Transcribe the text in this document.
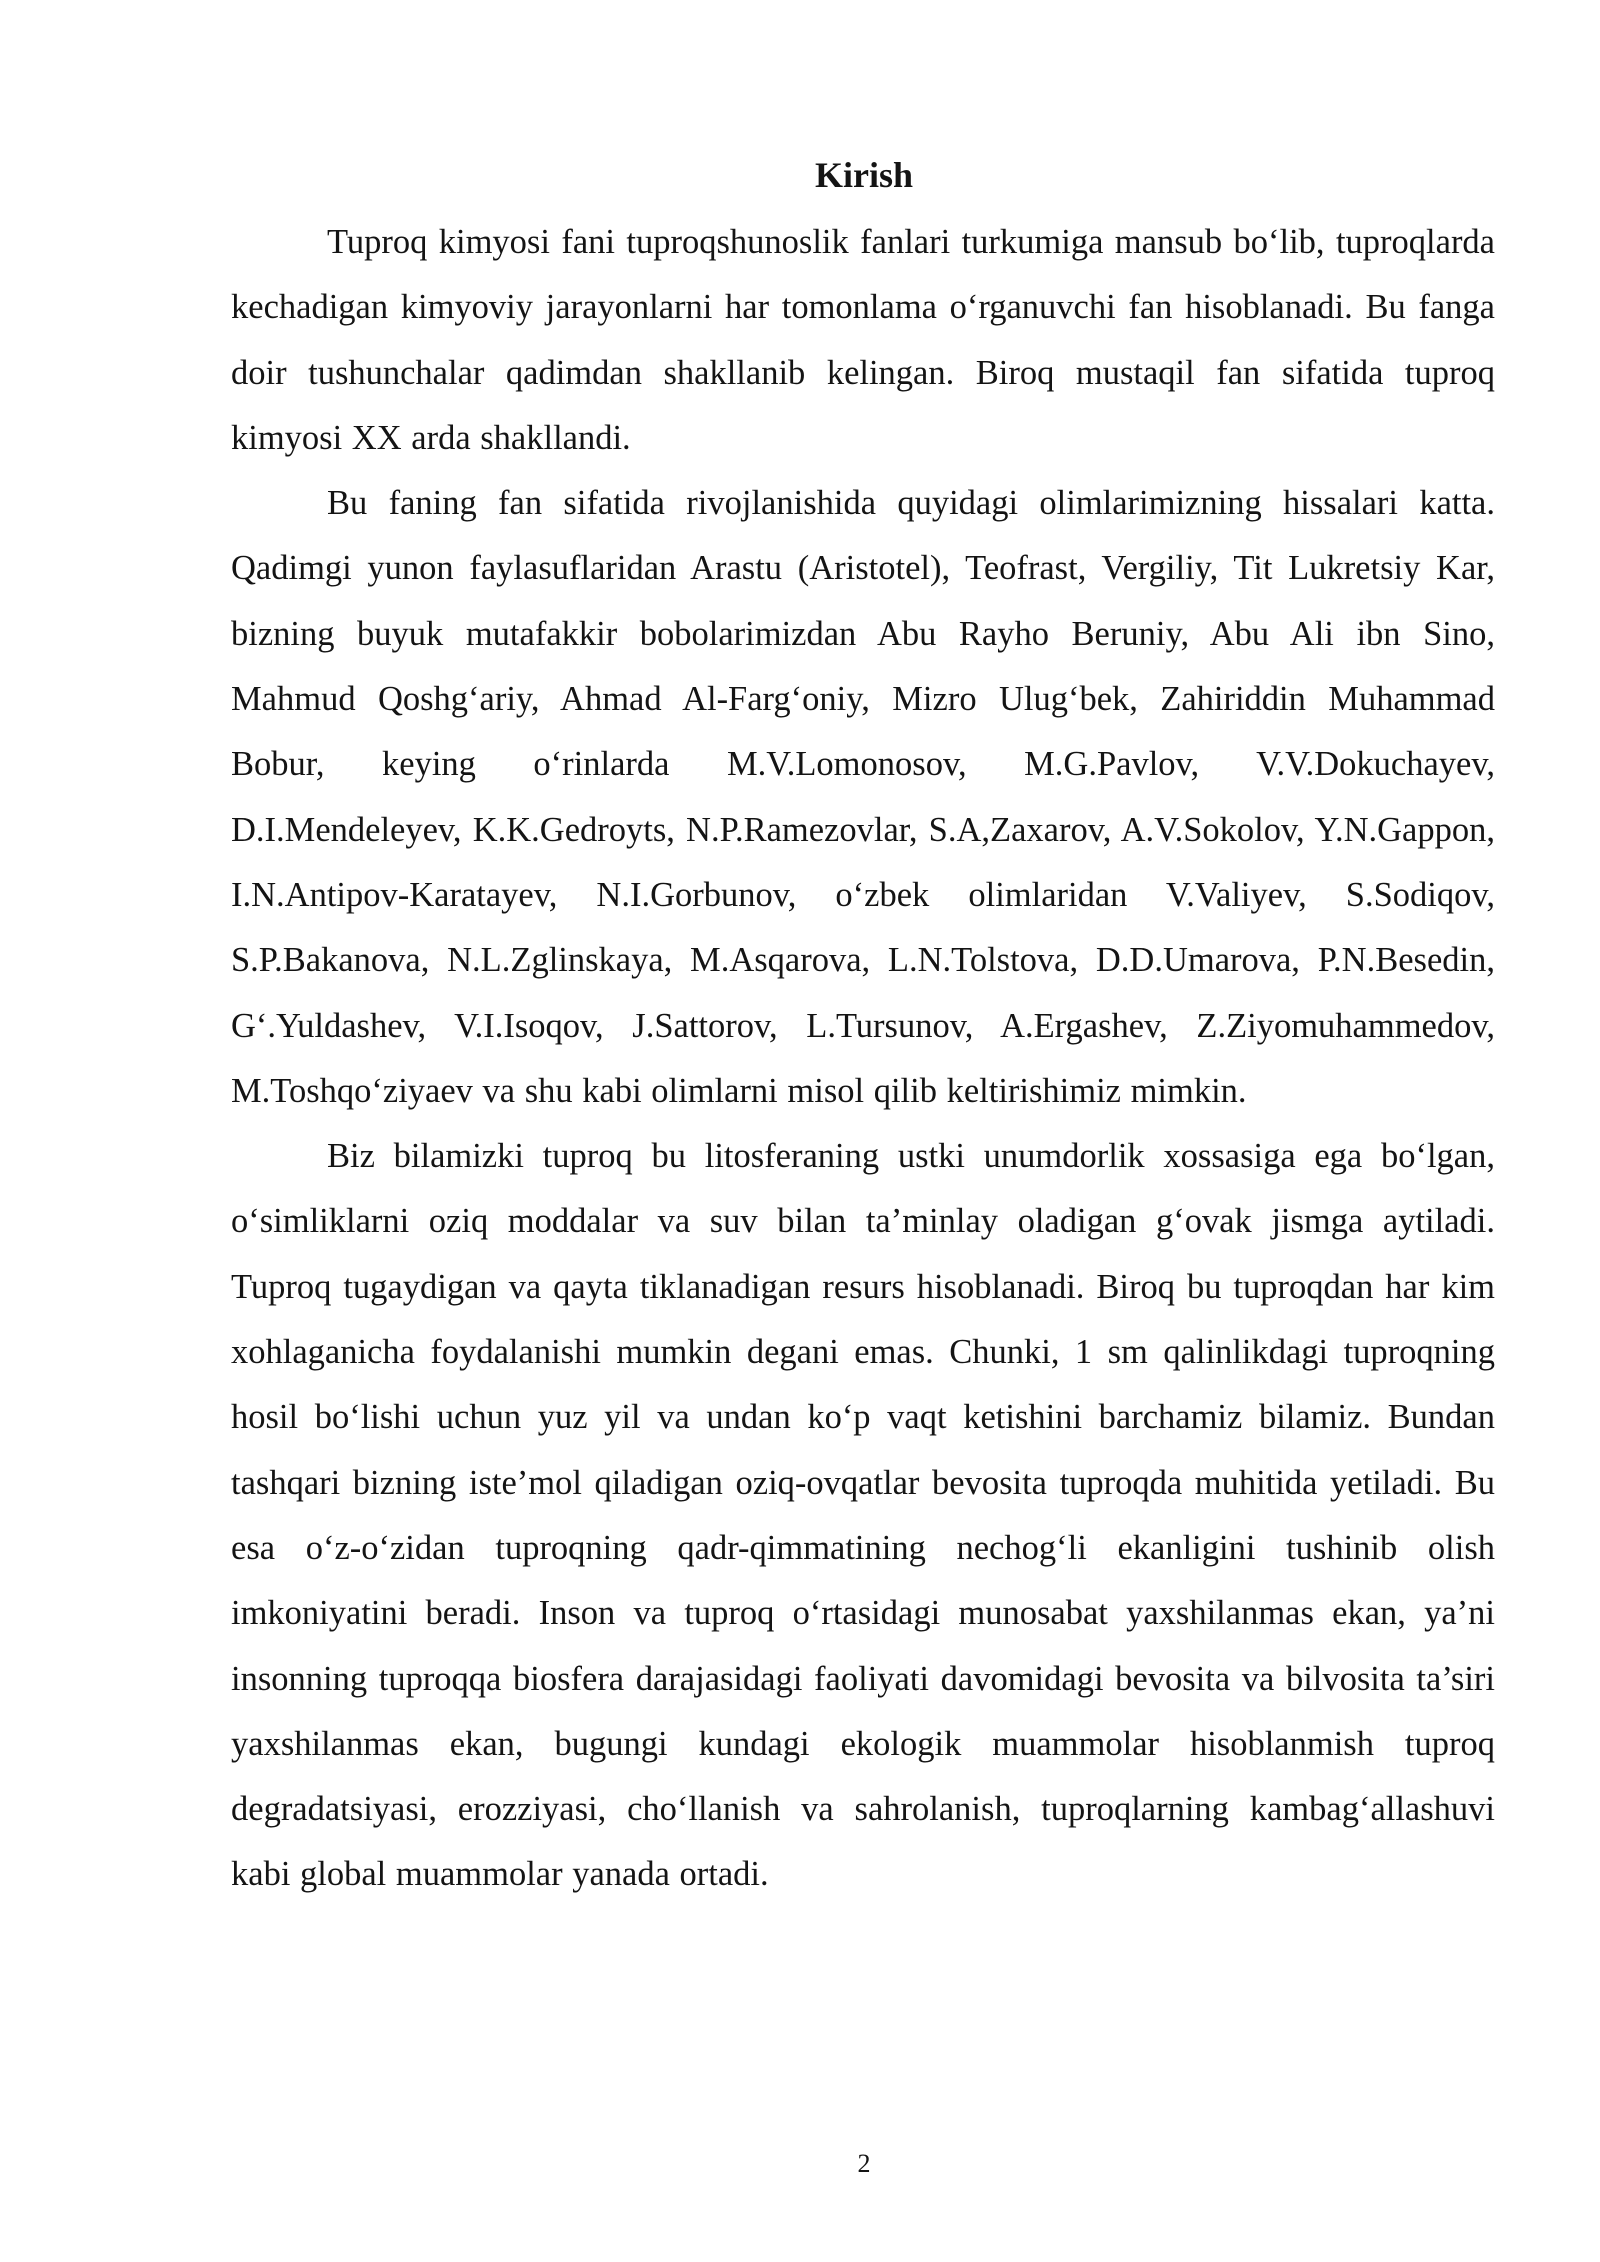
Kirish

Tuproq kimyosi fani tuproqshunoslik fanlari turkumiga mansub bo‘lib, tuproqlarda kechadigan kimyoviy jarayonlarni har tomonlama o‘rganuvchi fan hisoblanadi. Bu fanga doir tushunchalar qadimdan shakllanib kelingan. Biroq mustaqil fan sifatida tuproq kimyosi XX arda shakllandi.

Bu faning fan sifatida rivojlanishida quyidagi olimlarimizning hissalari katta. Qadimgi yunon faylasuflaridan Arastu (Aristotel), Teofrast, Vergiliy, Tit Lukretsiy Kar, bizning buyuk mutafakkir bobolarimizdan Abu Rayho Beruniy, Abu Ali ibn Sino, Mahmud Qoshg‘ariy, Ahmad Al-Farg‘oniy, Mizro Ulug‘bek, Zahiriddin Muhammad Bobur, keying o‘rinlarda M.V.Lomonosov, M.G.Pavlov, V.V.Dokuchayev, D.I.Mendeleyev, K.K.Gedroyts, N.P.Ramezovlar, S.A,Zaxarov, A.V.Sokolov, Y.N.Gappon, I.N.Antipov-Karatayev, N.I.Gorbunov, o‘zbek olimlaridan V.Valiyev, S.Sodiqov, S.P.Bakanova, N.L.Zglinskaya, M.Asqarova, L.N.Tolstova, D.D.Umarova, P.N.Besedin, G‘.Yuldashev, V.I.Isoqov, J.Sattorov, L.Tursunov, A.Ergashev, Z.Ziyomuhammedov, M.Toshqo‘ziyaev va shu kabi olimlarni misol qilib keltirishimiz mimkin.

Biz bilamizki tuproq bu litosferaning ustki unumdorlik xossasiga ega bo‘lgan, o‘simliklarni oziq moddalar va suv bilan ta’minlay oladigan g‘ovak jismga aytiladi. Tuproq tugaydigan va qayta tiklanadigan resurs hisoblanadi. Biroq bu tuproqdan har kim xohlaganicha foydalanishi mumkin degani emas. Chunki, 1 sm qalinlikdagi tuproqning hosil bo‘lishi uchun yuz yil va undan ko‘p vaqt ketishini barchamiz bilamiz. Bundan tashqari bizning iste’mol qiladigan oziq-ovqatlar bevosita tuproqda muhitida yetiladi. Bu esa o‘z-o‘zidan tuproqning qadr-qimmatining nechog‘li ekanligini tushinib olish imkoniyatini beradi. Inson va tuproq o‘rtasidagi munosabat yaxshilanmas ekan, ya’ni insonning tuproqqa biosfera darajasidagi faoliyati davomidagi bevosita va bilvosita ta’siri yaxshilanmas ekan, bugungi kundagi ekologik muammolar hisoblanmish tuproq degradatsiyasi, erozziyasi, cho‘llanish va sahrolanish, tuproqlarning kambag‘allashuvi kabi global muammolar yanada ortadi.

2
